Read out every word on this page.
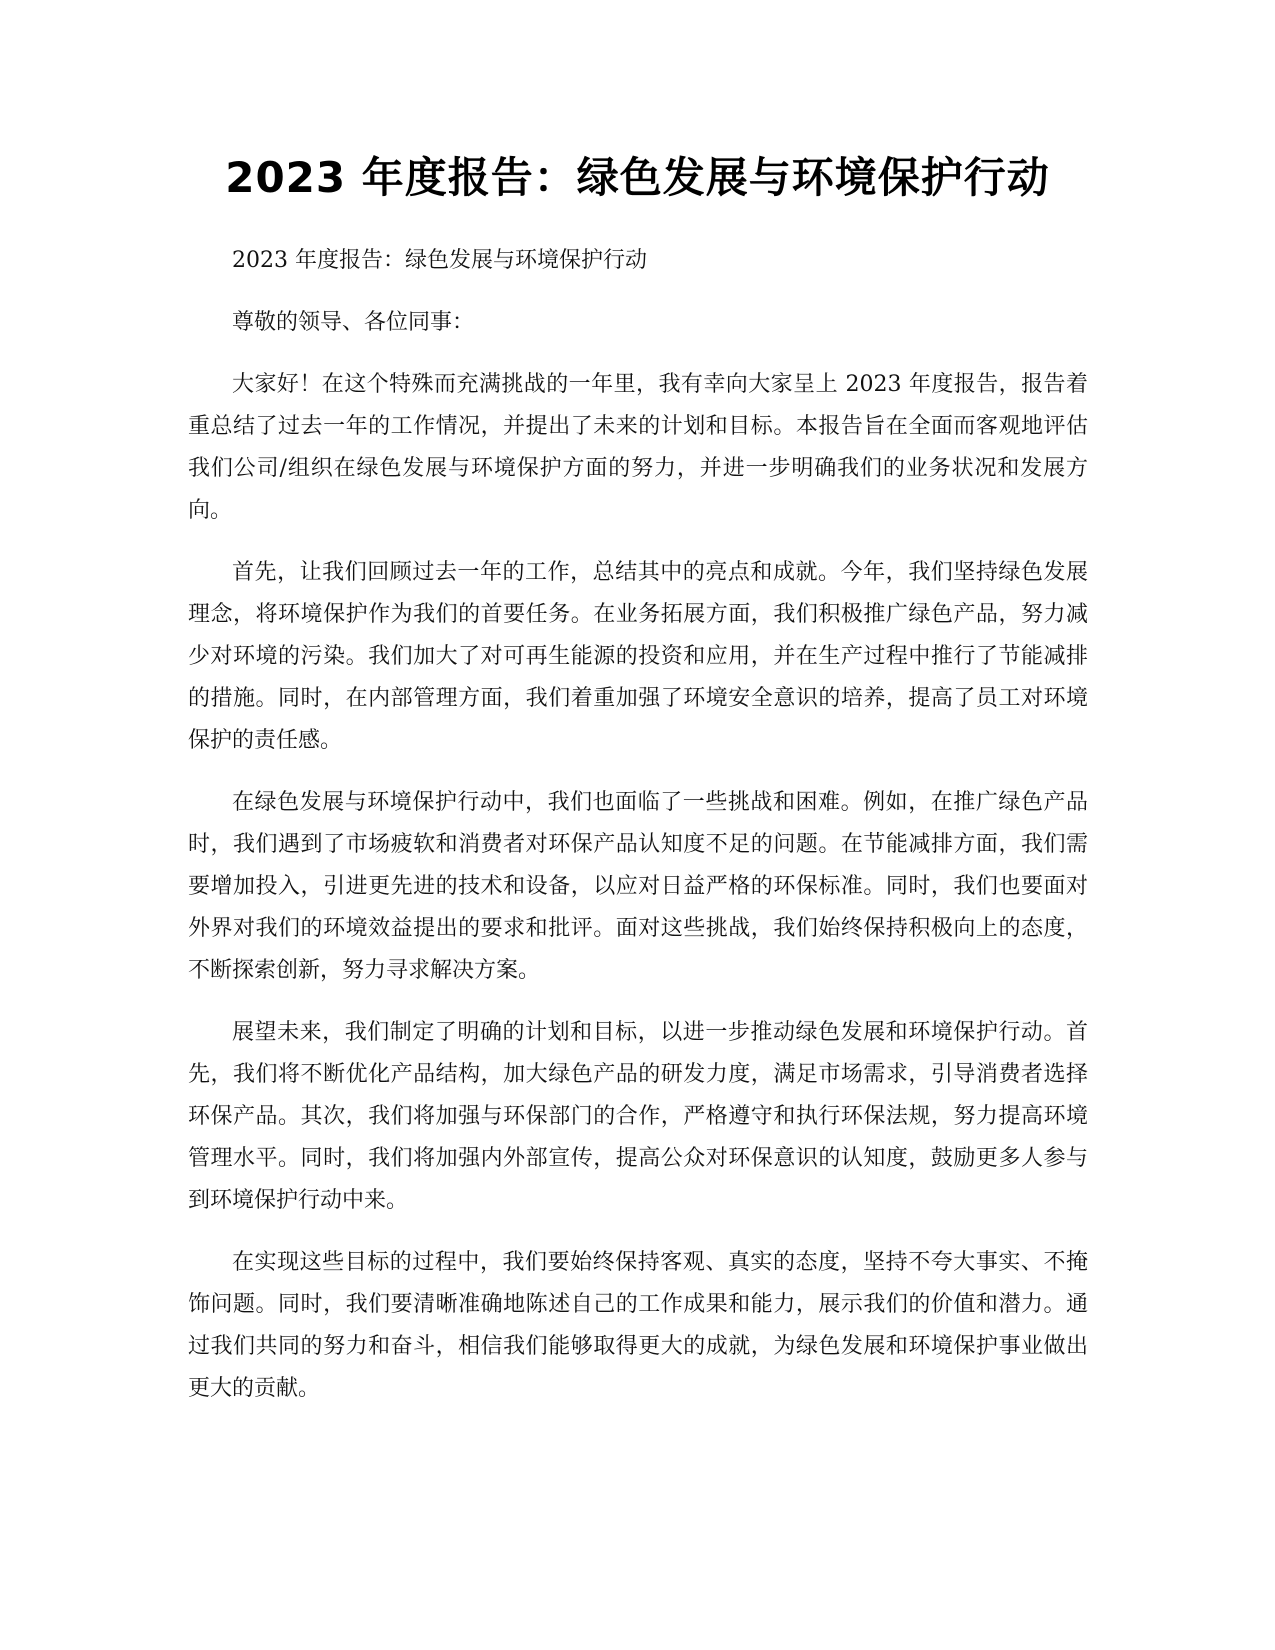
2023 年度报告：绿色发展与环境保护行动

2023 年度报告：绿色发展与环境保护行动

尊敬的领导、各位同事：

大家好！在这个特殊而充满挑战的一年里，我有幸向大家呈上 2023 年度报告，报告着重总结了过去一年的工作情况，并提出了未来的计划和目标。本报告旨在全面而客观地评估我们公司/组织在绿色发展与环境保护方面的努力，并进一步明确我们的业务状况和发展方向。

首先，让我们回顾过去一年的工作，总结其中的亮点和成就。今年，我们坚持绿色发展理念，将环境保护作为我们的首要任务。在业务拓展方面，我们积极推广绿色产品，努力减少对环境的污染。我们加大了对可再生能源的投资和应用，并在生产过程中推行了节能减排的措施。同时，在内部管理方面，我们着重加强了环境安全意识的培养，提高了员工对环境保护的责任感。

在绿色发展与环境保护行动中，我们也面临了一些挑战和困难。例如，在推广绿色产品时，我们遇到了市场疲软和消费者对环保产品认知度不足的问题。在节能减排方面，我们需要增加投入，引进更先进的技术和设备，以应对日益严格的环保标准。同时，我们也要面对外界对我们的环境效益提出的要求和批评。面对这些挑战，我们始终保持积极向上的态度，不断探索创新，努力寻求解决方案。

展望未来，我们制定了明确的计划和目标，以进一步推动绿色发展和环境保护行动。首先，我们将不断优化产品结构，加大绿色产品的研发力度，满足市场需求，引导消费者选择环保产品。其次，我们将加强与环保部门的合作，严格遵守和执行环保法规，努力提高环境管理水平。同时，我们将加强内外部宣传，提高公众对环保意识的认知度，鼓励更多人参与到环境保护行动中来。

在实现这些目标的过程中，我们要始终保持客观、真实的态度，坚持不夸大事实、不掩饰问题。同时，我们要清晰准确地陈述自己的工作成果和能力，展示我们的价值和潜力。通过我们共同的努力和奋斗，相信我们能够取得更大的成就，为绿色发展和环境保护事业做出更大的贡献。
